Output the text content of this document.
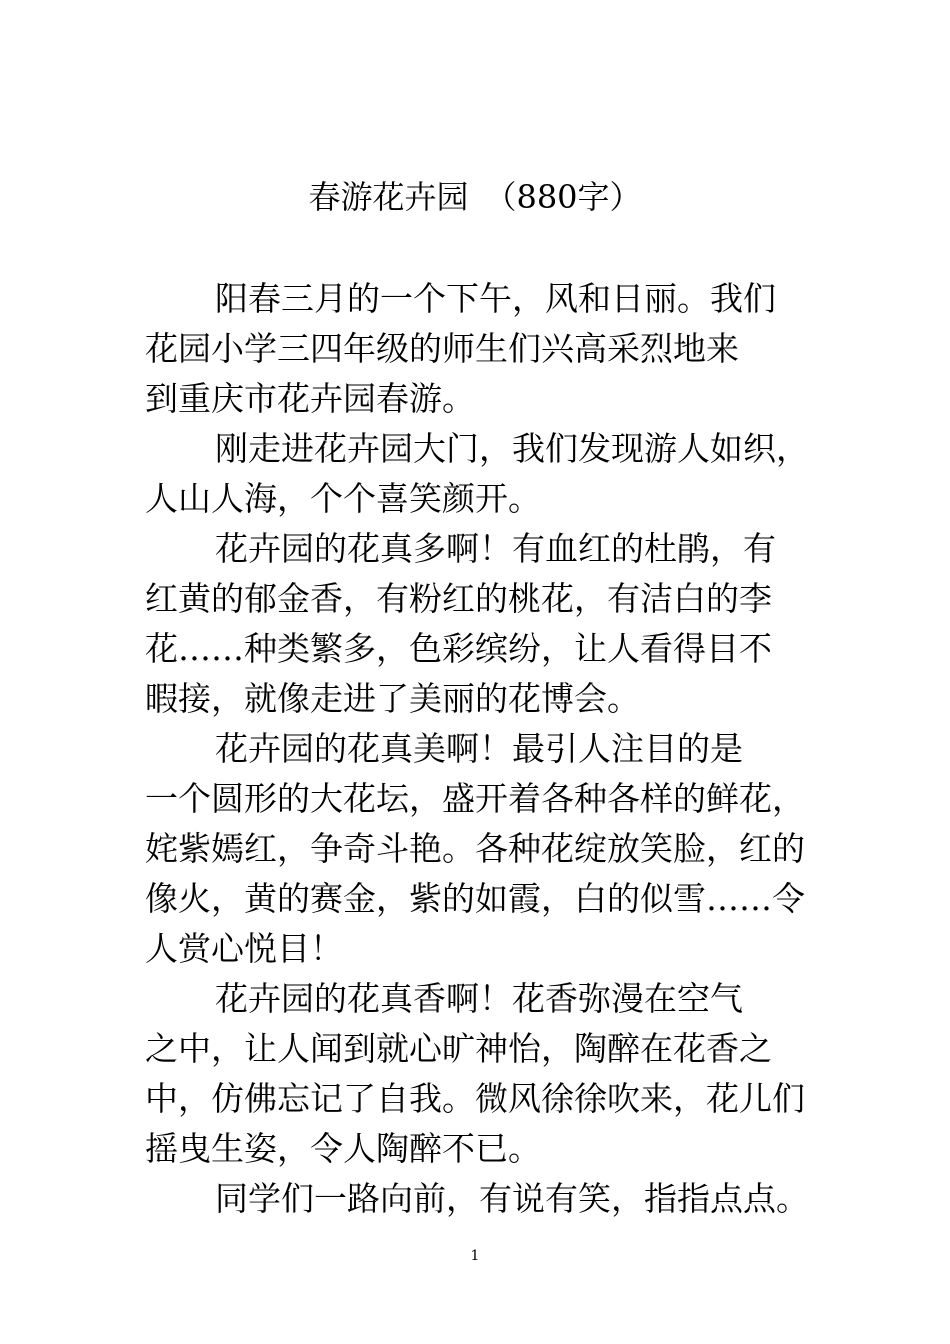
春游花卉园　（880字）
阳春三月的一个下午，风和日丽。我们
花园小学三四年级的师生们兴高采烈地来
到重庆市花卉园春游。
刚走进花卉园大门，我们发现游人如织，
人山人海，个个喜笑颜开。
花卉园的花真多啊！有血红的杜鹃，有
红黄的郁金香，有粉红的桃花，有洁白的李
花……种类繁多，色彩缤纷，让人看得目不
暇接，就像走进了美丽的花博会。
花卉园的花真美啊！最引人注目的是
一个圆形的大花坛，盛开着各种各样的鲜花，
姹紫嫣红，争奇斗艳。各种花绽放笑脸，红的
像火，黄的赛金，紫的如霞，白的似雪……令
人赏心悦目！
花卉园的花真香啊！花香弥漫在空气
之中，让人闻到就心旷神怡，陶醉在花香之
中，仿佛忘记了自我。微风徐徐吹来，花儿们
摇曳生姿，令人陶醉不已。
同学们一路向前，有说有笑，指指点点。
1
